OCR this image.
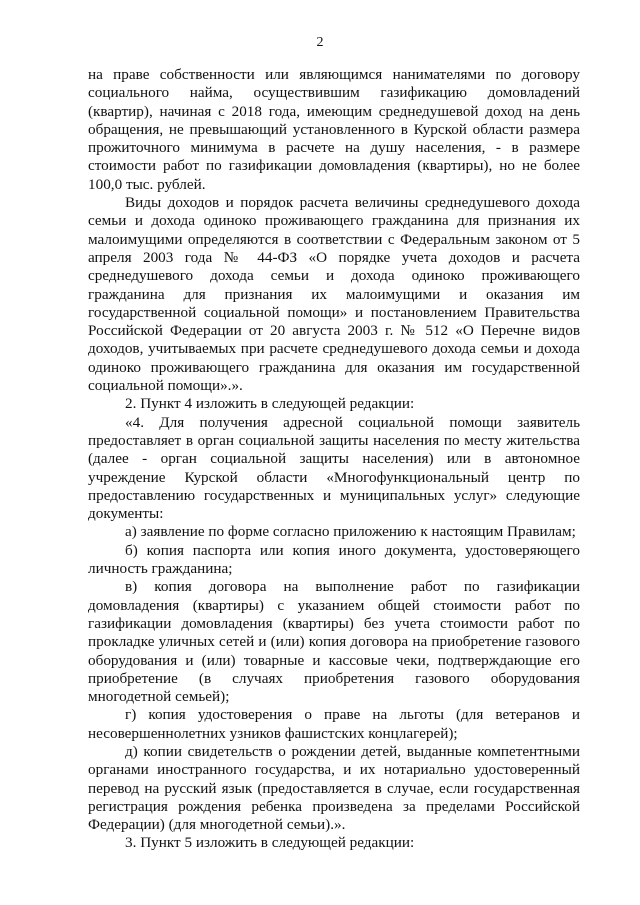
2

на праве собственности или являющимся нанимателями по договору социального найма, осуществившим газификацию домовладений (квартир), начиная с 2018 года, имеющим среднедушевой доход на день обращения, не превышающий установленного в Курской области размера прожиточного минимума в расчете на душу населения, - в размере стоимости работ по газификации домовладения (квартиры), но не более 100,0 тыс. рублей.

Виды доходов и порядок расчета величины среднедушевого дохода семьи и дохода одиноко проживающего гражданина для признания их малоимущими определяются в соответствии с Федеральным законом от 5 апреля 2003 года № 44-ФЗ «О порядке учета доходов и расчета среднедушевого дохода семьи и дохода одиноко проживающего гражданина для признания их малоимущими и оказания им государственной социальной помощи» и постановлением Правительства Российской Федерации от 20 августа 2003 г. № 512 «О Перечне видов доходов, учитываемых при расчете среднедушевого дохода семьи и дохода одиноко проживающего гражданина для оказания им государственной социальной помощи».».

2. Пункт 4 изложить в следующей редакции:

«4. Для получения адресной социальной помощи заявитель предоставляет в орган социальной защиты населения по месту жительства (далее - орган социальной защиты населения) или в автономное учреждение Курской области «Многофункциональный центр по предоставлению государственных и муниципальных услуг» следующие документы:

а) заявление по форме согласно приложению к настоящим Правилам;

б) копия паспорта или копия иного документа, удостоверяющего личность гражданина;

в) копия договора на выполнение работ по газификации домовладения (квартиры) с указанием общей стоимости работ по газификации домовладения (квартиры) без учета стоимости работ по прокладке уличных сетей и (или) копия договора на приобретение газового оборудования и (или) товарные и кассовые чеки, подтверждающие его приобретение (в случаях приобретения газового оборудования многодетной семьей);

г) копия удостоверения о праве на льготы (для ветеранов и несовершеннолетних узников фашистских концлагерей);

д) копии свидетельств о рождении детей, выданные компетентными органами иностранного государства, и их нотариально удостоверенный перевод на русский язык (предоставляется в случае, если государственная регистрация рождения ребенка произведена за пределами Российской Федерации) (для многодетной семьи).».

3. Пункт 5 изложить в следующей редакции:
